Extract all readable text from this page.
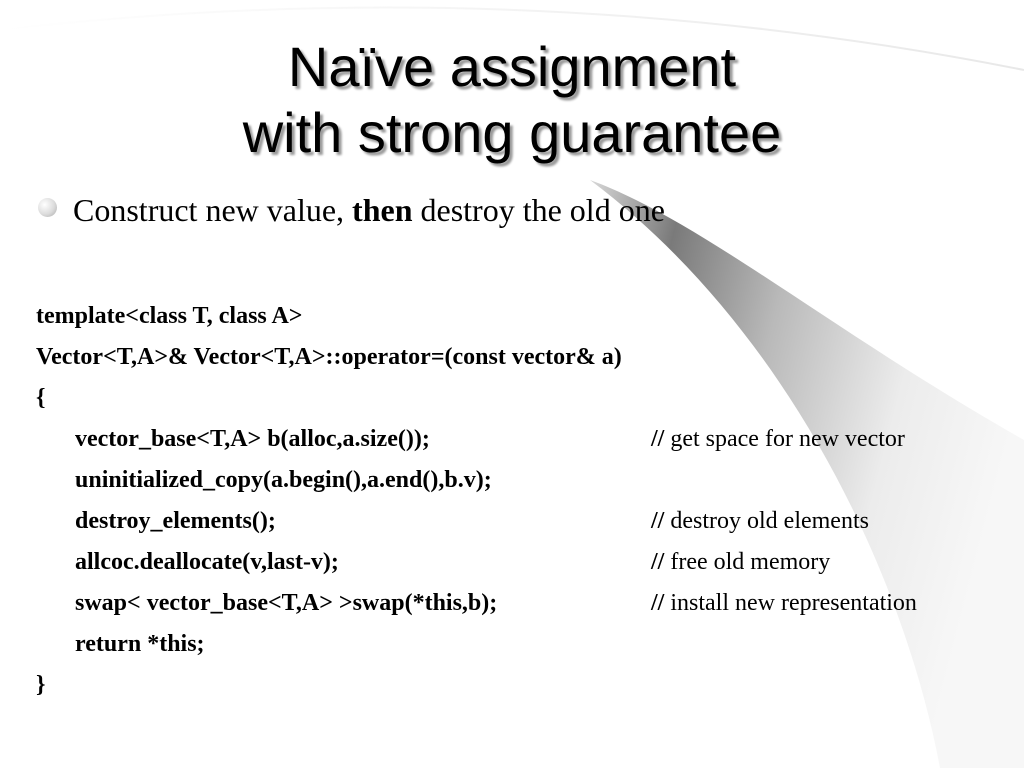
Naïve assignment
with strong guarantee
Construct new value, then destroy the old one
template<class T, class A>
Vector<T,A>& Vector<T,A>::operator=(const vector& a)
{
vector_base<T,A> b(alloc,a.size());	// get space for new vector
uninitialized_copy(a.begin(),a.end(),b.v);
destroy_elements();	// destroy old elements
allcoc.deallocate(v,last-v);	// free old memory
swap< vector_base<T,A> >swap(*this,b);	// install new representation
return *this;
}
